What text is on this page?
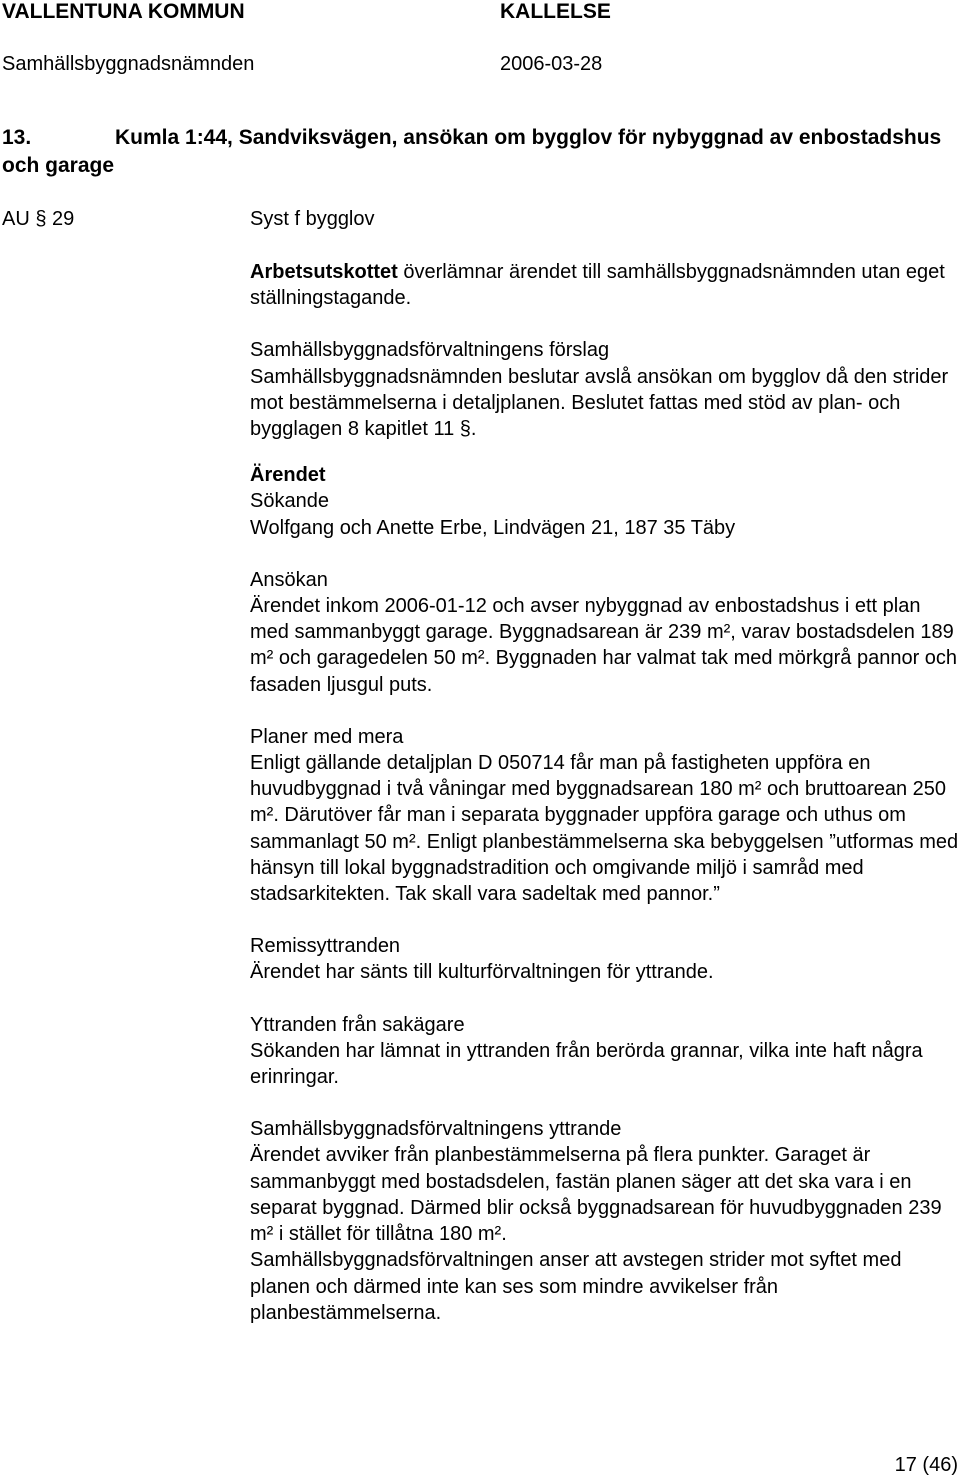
VALLENTUNA KOMMUN	KALLELSE
Samhällsbyggnadsnämnden	2006-03-28
13.	Kumla 1:44, Sandviksvägen, ansökan om bygglov för nybyggnad av enbostadshus och garage
AU § 29	Syst f bygglov

Arbetsutskottet överlämnar ärendet till samhällsbyggnadsnämnden utan eget ställningstagande.

Samhällsbyggnadsförvaltningens förslag

Samhällsbyggnadsnämnden beslutar avslå ansökan om bygglov då den strider mot bestämmelserna i detaljplanen. Beslutet fattas med stöd av plan- och bygglagen 8 kapitlet 11 §.

Ärendet

Sökande

Wolfgang och Anette Erbe, Lindvägen 21, 187 35 Täby

Ansökan

Ärendet inkom 2006-01-12 och avser nybyggnad av enbostadshus i ett plan med sammanbyggt garage. Byggnadsarean är 239 m², varav bostadsdelen 189 m² och garagedelen 50 m². Byggnaden har valmat tak med mörkgrå pannor och fasaden ljusgul puts.

Planer med mera

Enligt gällande detaljplan D 050714 får man på fastigheten uppföra en huvudbyggnad i två våningar med byggnadsarean 180 m² och bruttoarean 250 m². Därutöver får man i separata byggnader uppföra garage och uthus om sammanlagt 50 m². Enligt planbestämmelserna ska bebyggelsen ”utformas med hänsyn till lokal byggnadstradition och omgivande miljö i samråd med stadsarkitekten. Tak skall vara sadeltak med pannor.”

Remissyttranden

Ärendet har sänts till kulturförvaltningen för yttrande.

Yttranden från sakägare

Sökanden har lämnat in yttranden från berörda grannar, vilka inte haft några erinringar.

Samhällsbyggnadsförvaltningens yttrande

Ärendet avviker från planbestämmelserna på flera punkter. Garaget är sammanbyggt med bostadsdelen, fastän planen säger att det ska vara i en separat byggnad. Därmed blir också byggnadsarean för huvudbyggnaden 239 m² i stället för tillåtna 180 m².

Samhällsbyggnadsförvaltningen anser att avstegen strider mot syftet med planen och därmed inte kan ses som mindre avvikelser från planbestämmelserna.

17 (46)
